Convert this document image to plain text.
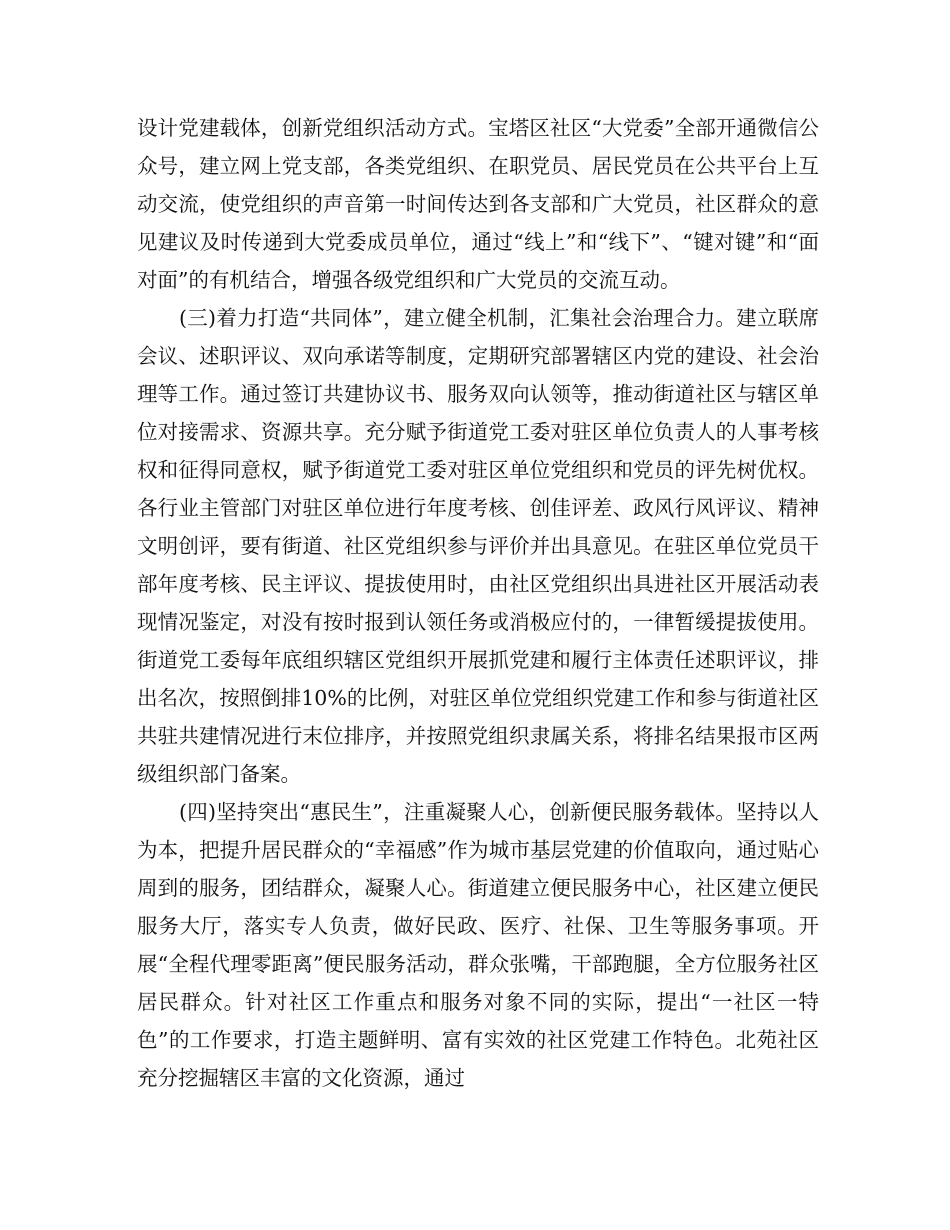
设计党建载体，创新党组织活动方式。宝塔区社区“大党委”全部开通微信公众号，建立网上党支部，各类党组织、在职党员、居民党员在公共平台上互动交流，使党组织的声音第一时间传达到各支部和广大党员，社区群众的意见建议及时传递到大党委成员单位，通过“线上”和“线下”、“键对键”和“面对面”的有机结合，增强各级党组织和广大党员的交流互动。

(三)着力打造“共同体”，建立健全机制，汇集社会治理合力。建立联席会议、述职评议、双向承诺等制度，定期研究部署辖区内党的建设、社会治理等工作。通过签订共建协议书、服务双向认领等，推动街道社区与辖区单位对接需求、资源共享。充分赋予街道党工委对驻区单位负责人的人事考核权和征得同意权，赋予街道党工委对驻区单位党组织和党员的评先树优权。各行业主管部门对驻区单位进行年度考核、创佳评差、政风行风评议、精神文明创评，要有街道、社区党组织参与评价并出具意见。在驻区单位党员干部年度考核、民主评议、提拔使用时，由社区党组织出具进社区开展活动表现情况鉴定，对没有按时报到认领任务或消极应付的，一律暂缓提拔使用。街道党工委每年底组织辖区党组织开展抓党建和履行主体责任述职评议，排出名次，按照倒排10%的比例，对驻区单位党组织党建工作和参与街道社区共驻共建情况进行末位排序，并按照党组织隶属关系，将排名结果报市区两级组织部门备案。

(四)坚持突出“惠民生”，注重凝聚人心，创新便民服务载体。坚持以人为本，把提升居民群众的“幸福感”作为城市基层党建的价值取向，通过贴心周到的服务，团结群众，凝聚人心。街道建立便民服务中心，社区建立便民服务大厅，落实专人负责，做好民政、医疗、社保、卫生等服务事项。开展“全程代理零距离”便民服务活动，群众张嘴，干部跑腿，全方位服务社区居民群众。针对社区工作重点和服务对象不同的实际，提出“一社区一特色”的工作要求，打造主题鲜明、富有实效的社区党建工作特色。北苑社区充分挖掘辖区丰富的文化资源，通过
